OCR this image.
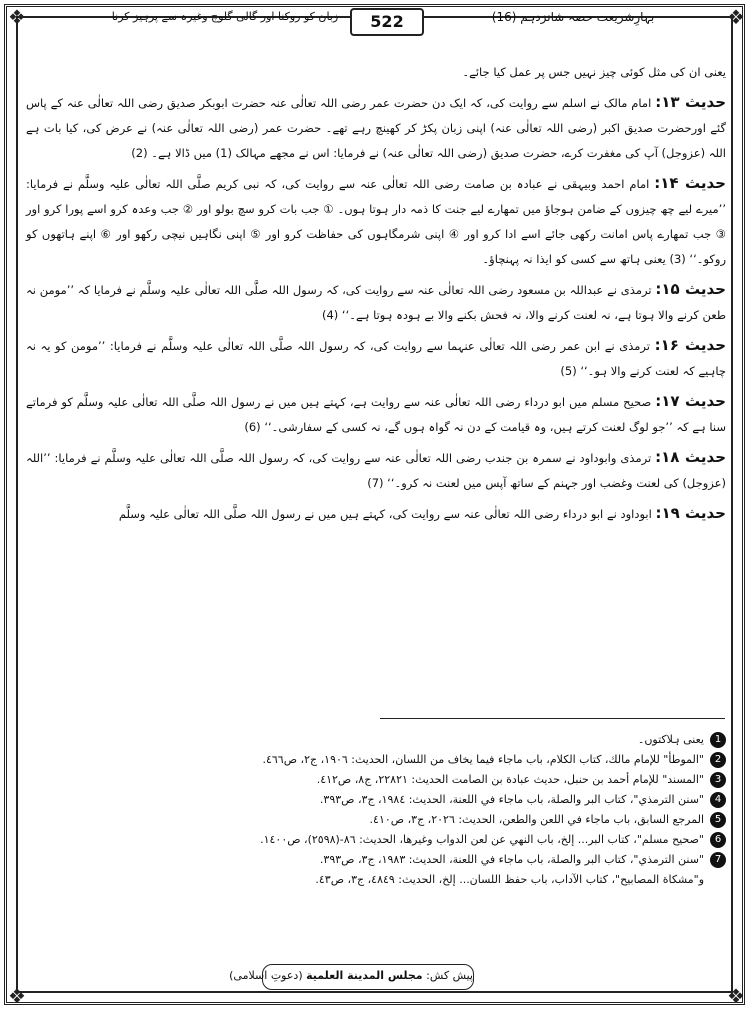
❖	❖
❖	❖
زبان کو روکنا اور گالی گلوچ وغیرہ سے پرہیز کرنا	522	بہارِشریعت حصہ شانزدہم (16)

یعنی ان کی مثل کوئی چیز نہیں جس پر عمل کیا جائے۔

حدیث ۱۳: امام مالک نے اسلم سے روایت کی، کہ ایک دن حضرت عمر رضی اللہ تعالٰی عنہ حضرت ابوبکر صدیق رضی اللہ تعالٰی عنہ کے پاس گئے اورحضرت صدیق اکبر (رضی اللہ تعالٰی عنہ) اپنی زبان پکڑ کر کھینچ رہے تھے۔ حضرت عمر (رضی اللہ تعالٰی عنہ) نے عرض کی، کیا بات ہے اللہ (عزوجل) آپ کی مغفرت کرے، حضرت صدیق (رضی اللہ تعالٰی عنہ) نے فرمایا: اس نے مجھے مہالک (1) میں ڈالا ہے۔ (2)

حدیث ۱۴: امام احمد وبیہقی نے عبادہ بن صامت رضی اللہ تعالٰی عنہ سے روایت کی، کہ نبی کریم صلَّی اللہ تعالٰی علیہ وسلَّم نے فرمایا: ’’میرے لیے چھ چیزوں کے ضامن ہوجاؤ میں تمھارے لیے جنت کا ذمہ دار ہوتا ہوں۔ ① جب بات کرو سچ بولو اور ② جب وعدہ کرو اسے پورا کرو اور ③ جب تمھارے پاس امانت رکھی جائے اسے ادا کرو اور ④ اپنی شرمگاہوں کی حفاظت کرو اور ⑤ اپنی نگاہیں نیچی رکھو اور ⑥ اپنے ہاتھوں کو روکو۔‘‘ (3) یعنی ہاتھ سے کسی کو ایذا نہ پہنچاؤ۔

حدیث ۱۵: ترمذی نے عبداللہ بن مسعود رضی اللہ تعالٰی عنہ سے روایت کی، کہ رسول اللہ صلَّی اللہ تعالٰی علیہ وسلَّم نے فرمایا کہ ’’مومن نہ طعن کرنے والا ہوتا ہے، نہ لعنت کرنے والا، نہ فحش بکنے والا بے ہودہ ہوتا ہے۔‘‘ (4)

حدیث ۱۶: ترمذی نے ابن عمر رضی اللہ تعالٰی عنہما سے روایت کی، کہ رسول اللہ صلَّی اللہ تعالٰی علیہ وسلَّم نے فرمایا: ’’مومن کو یہ نہ چاہیے کہ لعنت کرنے والا ہو۔‘‘ (5)

حدیث ۱۷: صحیح مسلم میں ابو درداء رضی اللہ تعالٰی عنہ سے روایت ہے، کہتے ہیں میں نے رسول اللہ صلَّی اللہ تعالٰی علیہ وسلَّم کو فرماتے سنا ہے کہ ’’جو لوگ لعنت کرتے ہیں، وہ قیامت کے دن نہ گواہ ہوں گے، نہ کسی کے سفارشی۔‘‘ (6)

حدیث ۱۸: ترمذی وابوداود نے سمرہ بن جندب رضی اللہ تعالٰی عنہ سے روایت کی، کہ رسول اللہ صلَّی اللہ تعالٰی علیہ وسلَّم نے فرمایا: ’’اللہ (عزوجل) کی لعنت وغضب اور جہنم کے ساتھ آپس میں لعنت نہ کرو۔‘‘ (7)

حدیث ۱۹: ابوداود نے ابو درداء رضی اللہ تعالٰی عنہ سے روایت کی، کہتے ہیں میں نے رسول اللہ صلَّی اللہ تعالٰی علیہ وسلَّم

1
یعنی ہلاکتوں۔
2
"الموطأ" للإمام مالك، كتاب الكلام، باب ماجاء فيما يخاف من اللسان، الحديث: ١٩٠٦، ج٢، ص٤٦٦.
3
"المسند" للإمام أحمد بن حنبل، حديث عبادة بن الصامت الحديث: ٢٢٨٢١، ج٨، ص٤١٢.
4
"سنن الترمذي"، كتاب البر والصلة، باب ماجاء في اللعنة، الحديث: ١٩٨٤، ج٣، ص٣٩٣.
5
المرجع السابق، باب ماجاء في اللعن والطعن، الحديث: ٢٠٢٦، ج٣، ص٤١٠.
6
"صحيح مسلم"، كتاب البر... إلخ، باب النهي عن لعن الدواب وغيرها، الحديث: ٨٦-(٢٥٩٨)، ص١٤٠٠.
7
"سنن الترمذي"، كتاب البر والصلة، باب ماجاء في اللعنة، الحديث: ١٩٨٣، ج٣، ص٣٩٣.
و"مشكاة المصابيح"، كتاب الآداب، باب حفظ اللسان... إلخ، الحديث: ٤٨٤٩، ج٣، ص٤٣.
پیش کش: مجلس المدينة العلمية (دعوتِ اسلامی)
